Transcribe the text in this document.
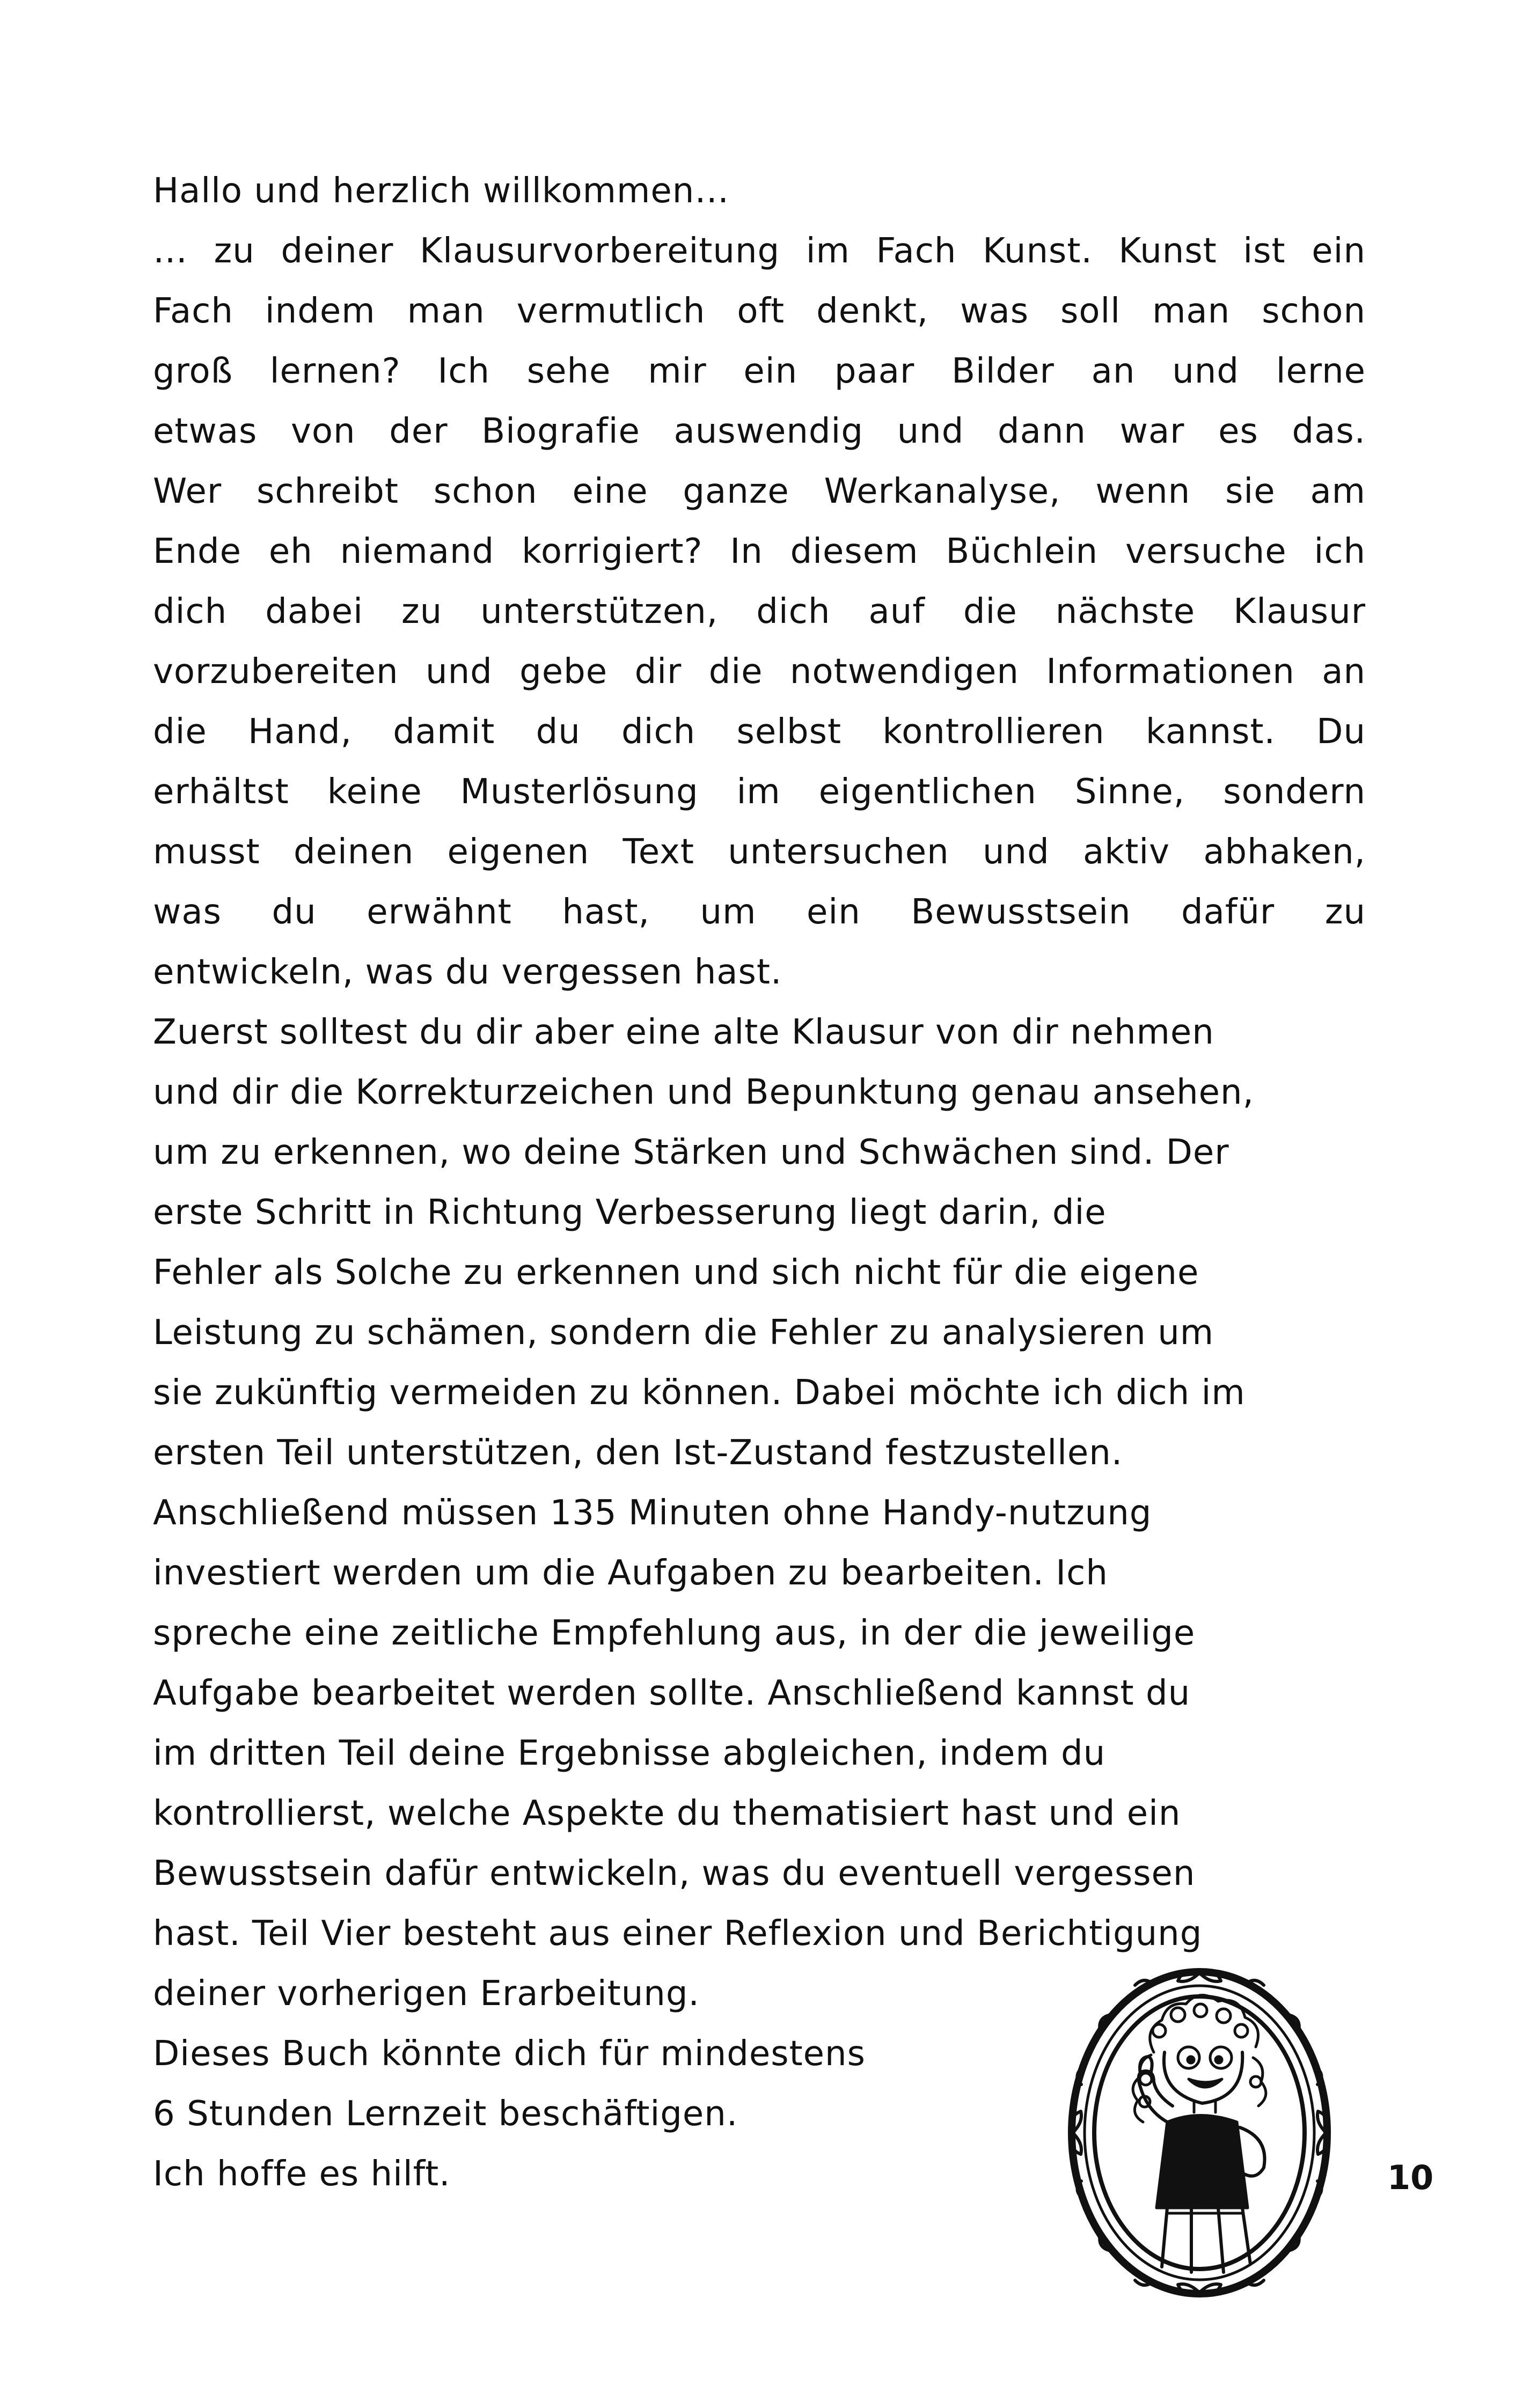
Hallo und herzlich willkommen…
… zu deiner Klausurvorbereitung im Fach Kunst. Kunst ist ein
Fach indem man vermutlich oft denkt, was soll man schon
groß lernen? Ich sehe mir ein paar Bilder an und lerne
etwas von der Biografie auswendig und dann war es das.
Wer schreibt schon eine ganze Werkanalyse, wenn sie am
Ende eh niemand korrigiert? In diesem Büchlein versuche ich
dich dabei zu unterstützen, dich auf die nächste Klausur
vorzubereiten und gebe dir die notwendigen Informationen an
die Hand, damit du dich selbst kontrollieren kannst. Du
erhältst keine Musterlösung im eigentlichen Sinne, sondern
musst deinen eigenen Text untersuchen und aktiv abhaken,
was du erwähnt hast, um ein Bewusstsein dafür zu
entwickeln, was du vergessen hast.
Zuerst solltest du dir aber eine alte Klausur von dir nehmen
und dir die Korrekturzeichen und Bepunktung genau ansehen,
um zu erkennen, wo deine Stärken und Schwächen sind. Der
erste Schritt in Richtung Verbesserung liegt darin, die
Fehler als Solche zu erkennen und sich nicht für die eigene
Leistung zu schämen, sondern die Fehler zu analysieren um
sie zukünftig vermeiden zu können. Dabei möchte ich dich im
ersten Teil unterstützen, den Ist-Zustand festzustellen.
Anschließend müssen 135 Minuten ohne Handy-nutzung
investiert werden um die Aufgaben zu bearbeiten. Ich
spreche eine zeitliche Empfehlung aus, in der die jeweilige
Aufgabe bearbeitet werden sollte. Anschließend kannst du
im dritten Teil deine Ergebnisse abgleichen, indem du
kontrollierst, welche Aspekte du thematisiert hast und ein
Bewusstsein dafür entwickeln, was du eventuell vergessen
hast. Teil Vier besteht aus einer Reflexion und Berichtigung
deiner vorherigen Erarbeitung.
Dieses Buch könnte dich für mindestens
6 Stunden Lernzeit beschäftigen.
Ich hoffe es hilft.	10
